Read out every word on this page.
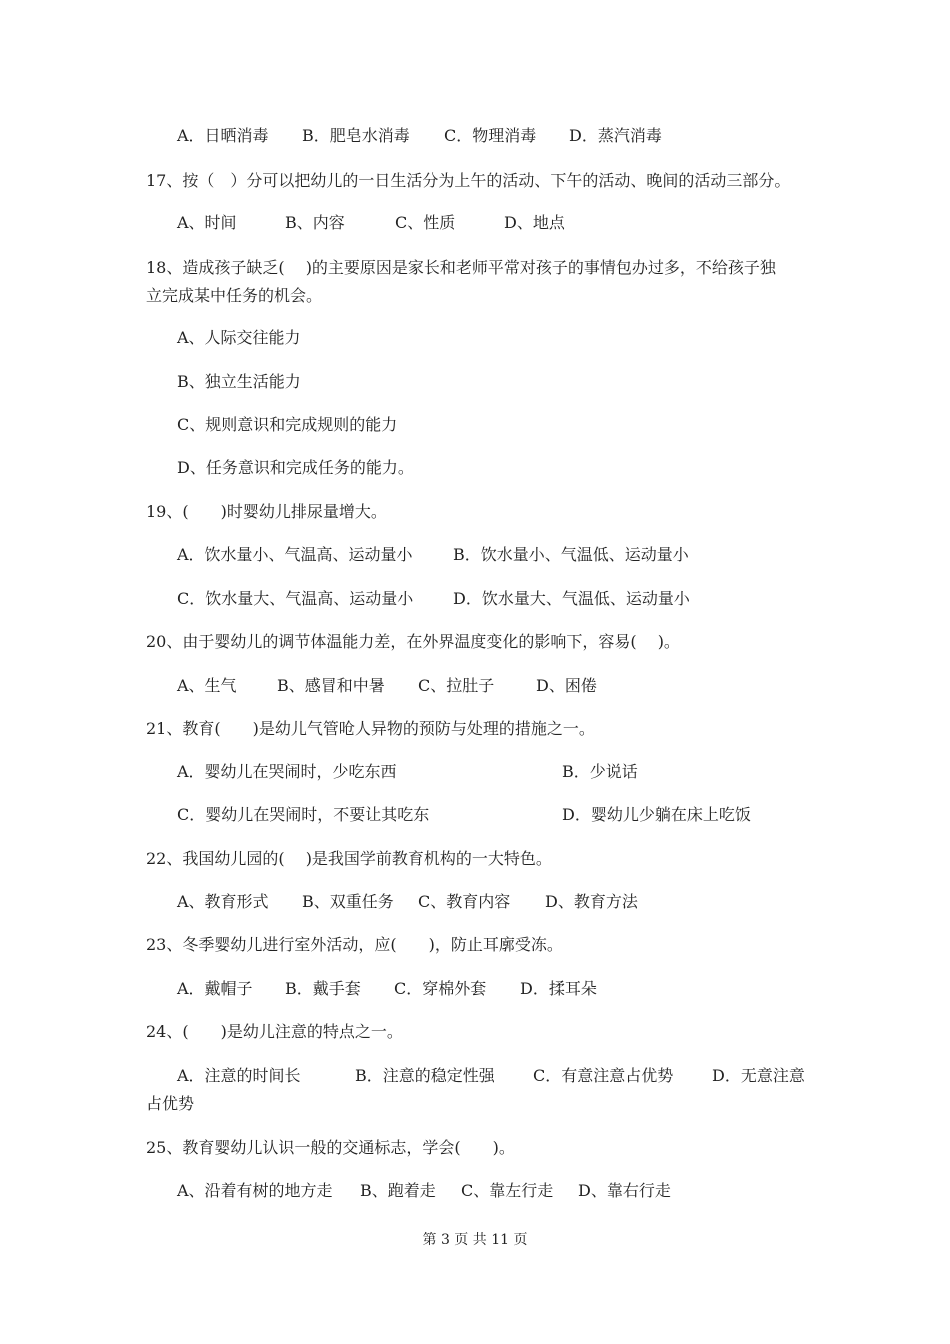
A．日晒消毒

B．肥皂水消毒

C．物理消毒

D．蒸汽消毒

17、按（　）分可以把幼儿的一日生活分为上午的活动、下午的活动、晚间的活动三部分。

A、时间

	B、内容

	C、性质

	D、地点

18、造成孩子缺乏(　 )的主要原因是家长和老师平常对孩子的事情包办过多，不给孩子独
立完成某中任务的机会。
A、人际交往能力
B、独立生活能力
C、规则意识和完成规则的能力
D、任务意识和完成任务的能力。
19、(　　)时婴幼儿排尿量增大。

A．饮水量小、气温高、运动量小

	B．饮水量小、气温低、运动量小

C．饮水量大、气温高、运动量小

D．饮水量大、气温低、运动量小

20、由于婴幼儿的调节体温能力差，在外界温度变化的影响下，容易(　 )。

A、生气

	B、感冒和中暑

C、拉肚子

	D、困倦

21、教育(　　)是幼儿气管呛人异物的预防与处理的措施之一。

A．婴幼儿在哭闹时，少吃东西

	B．少说话

C．婴幼儿在哭闹时，不要让其吃东

	D．婴幼儿少躺在床上吃饭

22、我国幼儿园的(　 )是我国学前教育机构的一大特色。

A、教育形式

B、双重任务

C、教育内容

D、教育方法

23、冬季婴幼儿进行室外活动，应(　　)，防止耳廓受冻。

A．戴帽子

B．戴手套

C．穿棉外套

D．揉耳朵

24、(　　)是幼儿注意的特点之一。

A．注意的时间长

	B．注意的稳定性强

C．有意注意占优势

D．无意注意

占优势
25、教育婴幼儿认识一般的交通标志，学会(　　)。

A、沿着有树的地方走

B、跑着走

C、靠左行走

D、靠右行走

第 3 页 共 11 页
